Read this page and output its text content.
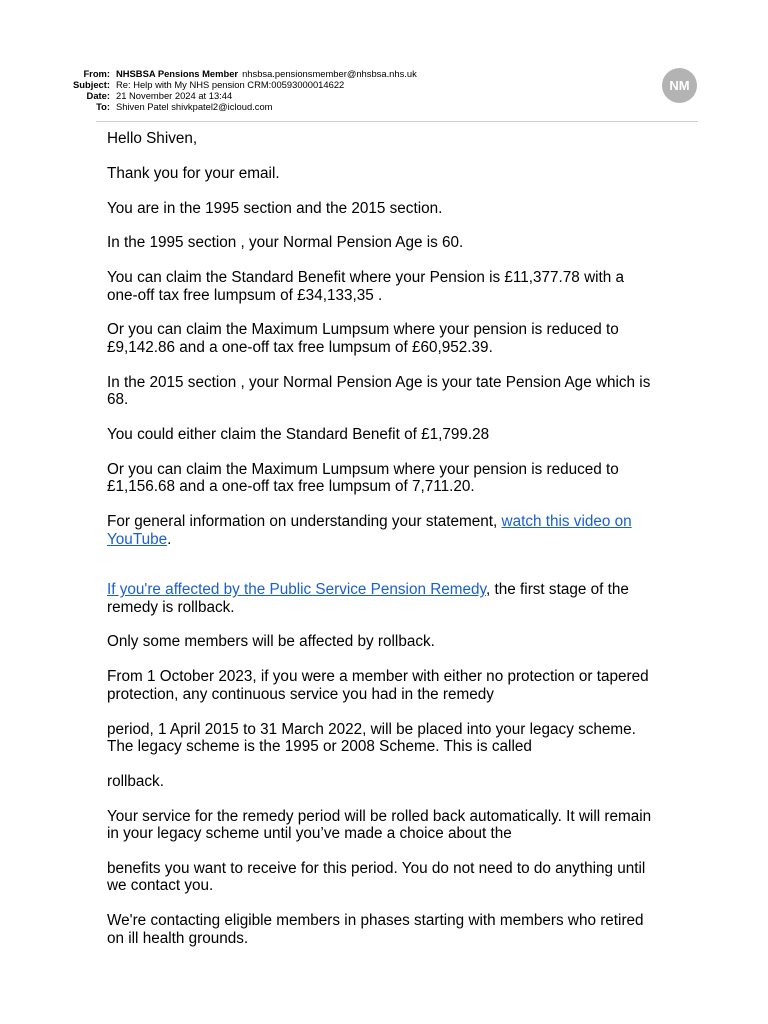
From: NHSBSA Pensions Member nhsbsa.pensionsmember@nhsbsa.nhs.uk
Subject: Re: Help with My NHS pension CRM:00593000014622
Date: 21 November 2024 at 13:44
To: Shiven Patel shivkpatel2@icloud.com
NM

Hello Shiven,

Thank you for your email.

You are in the 1995 section and the 2015 section.

In the 1995 section , your Normal Pension Age is 60.

You can claim the Standard Benefit where your Pension is £11,377.78 with a
one-off tax free lumpsum of £34,133,35 .

Or you can claim the Maximum Lumpsum where your pension is reduced to
£9,142.86 and a one-off tax free lumpsum of £60,952.39.

In the 2015 section , your Normal Pension Age is your tate Pension Age which is
68.

You could either claim the Standard Benefit of £1,799.28

Or you can claim the Maximum Lumpsum where your pension is reduced to
£1,156.68 and a one-off tax free lumpsum of 7,711.20.

For general information on understanding your statement, watch this video on
YouTube.

If you're affected by the Public Service Pension Remedy, the first stage of the
remedy is rollback.

Only some members will be affected by rollback.

From 1 October 2023, if you were a member with either no protection or tapered
protection, any continuous service you had in the remedy

period, 1 April 2015 to 31 March 2022, will be placed into your legacy scheme.
The legacy scheme is the 1995 or 2008 Scheme. This is called

rollback.

Your service for the remedy period will be rolled back automatically. It will remain
in your legacy scheme until you’ve made a choice about the

benefits you want to receive for this period. You do not need to do anything until
we contact you.

We're contacting eligible members in phases starting with members who retired
on ill health grounds.
